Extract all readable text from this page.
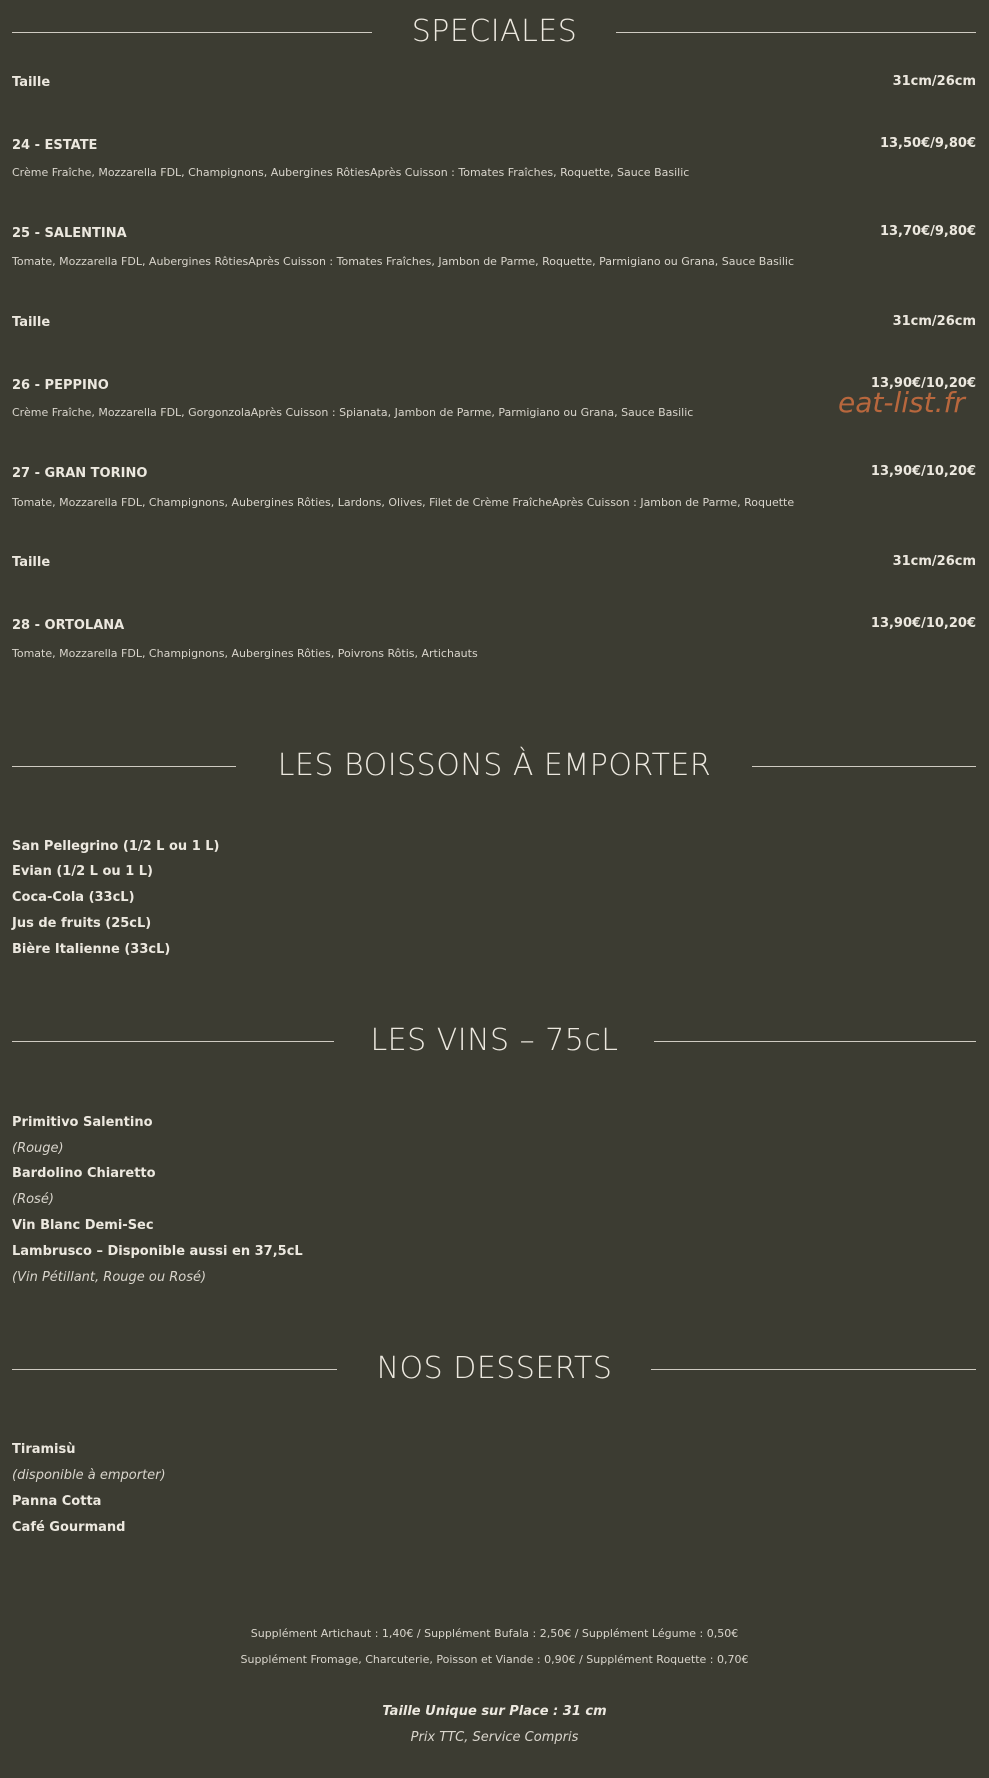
SPECIALES
Taille	31cm/26cm
24 - ESTATE	13,50€/9,80€
Crème Fraîche, Mozzarella FDL, Champignons, Aubergines RôtiesAprès Cuisson : Tomates Fraîches, Roquette, Sauce Basilic
25 - SALENTINA	13,70€/9,80€
Tomate, Mozzarella FDL, Aubergines RôtiesAprès Cuisson : Tomates Fraîches, Jambon de Parme, Roquette, Parmigiano ou Grana, Sauce Basilic
Taille	31cm/26cm
26 - PEPPINO	13,90€/10,20€
Crème Fraîche, Mozzarella FDL, GorgonzolaAprès Cuisson : Spianata, Jambon de Parme, Parmigiano ou Grana, Sauce Basilic	eat-list.fr
27 - GRAN TORINO	13,90€/10,20€
Tomate, Mozzarella FDL, Champignons, Aubergines Rôties, Lardons, Olives, Filet de Crème FraîcheAprès Cuisson : Jambon de Parme, Roquette
Taille	31cm/26cm
28 - ORTOLANA	13,90€/10,20€
Tomate, Mozzarella FDL, Champignons, Aubergines Rôties, Poivrons Rôtis, Artichauts
LES BOISSONS À EMPORTER
San Pellegrino (1/2 L ou 1 L)
Evian (1/2 L ou 1 L)
Coca-Cola (33cL)
Jus de fruits (25cL)
Bière Italienne (33cL)
LES VINS – 75cL
Primitivo Salentino
(Rouge)
Bardolino Chiaretto
(Rosé)
Vin Blanc Demi-Sec
Lambrusco – Disponible aussi en 37,5cL
(Vin Pétillant, Rouge ou Rosé)
NOS DESSERTS
Tiramisù
(disponible à emporter)
Panna Cotta
Café Gourmand
Supplément Artichaut : 1,40€ / Supplément Bufala : 2,50€ / Supplément Légume : 0,50€
Supplément Fromage, Charcuterie, Poisson et Viande : 0,90€ / Supplément Roquette : 0,70€
Taille Unique sur Place : 31 cm
Prix TTC, Service Compris
